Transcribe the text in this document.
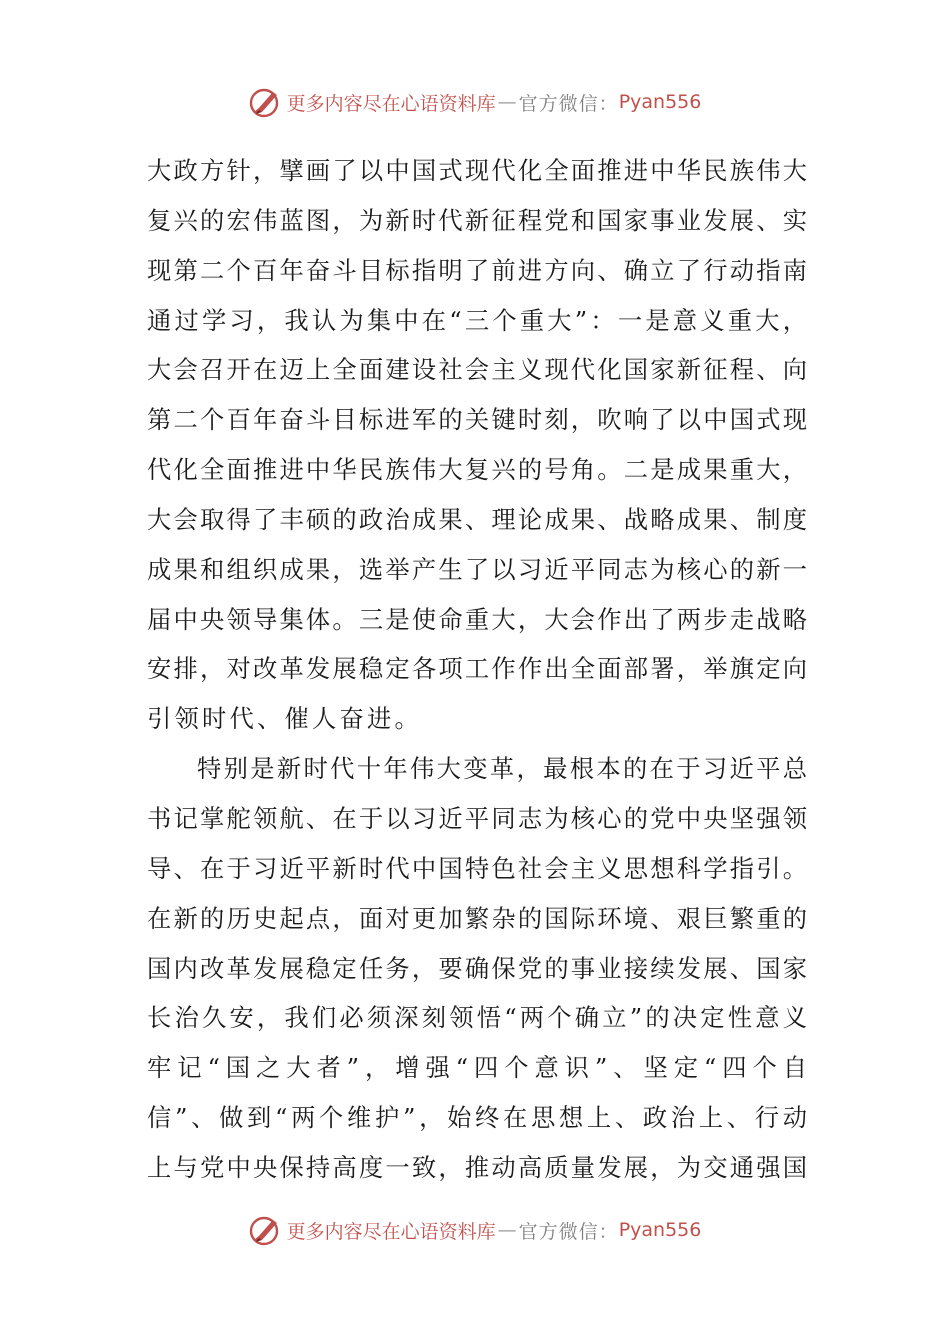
更多内容尽在心语资料库 — 官方微信： Pyan556
大政方针，擘画了以中国式现代化全面推进中华民族伟大
复兴的宏伟蓝图，为新时代新征程党和国家事业发展、实
现第二个百年奋斗目标指明了前进方向、确立了行动指南
通过学习，我认为集中在“三个重大”：一是意义重大，
大会召开在迈上全面建设社会主义现代化国家新征程、向
第二个百年奋斗目标进军的关键时刻，吹响了以中国式现
代化全面推进中华民族伟大复兴的号角。二是成果重大，
大会取得了丰硕的政治成果、理论成果、战略成果、制度
成果和组织成果，选举产生了以习近平同志为核心的新一
届中央领导集体。三是使命重大，大会作出了两步走战略
安排，对改革发展稳定各项工作作出全面部署，举旗定向
引领时代、催人奋进。
特别是新时代十年伟大变革，最根本的在于习近平总
书记掌舵领航、在于以习近平同志为核心的党中央坚强领
导、在于习近平新时代中国特色社会主义思想科学指引。
在新的历史起点，面对更加繁杂的国际环境、艰巨繁重的
国内改革发展稳定任务，要确保党的事业接续发展、国家
长治久安，我们必须深刻领悟“两个确立”的决定性意义
牢记“国之大者”，增强“四个意识”、坚定“四个自
信”、做到“两个维护”，始终在思想上、政治上、行动
上与党中央保持高度一致，推动高质量发展，为交通强国
更多内容尽在心语资料库 — 官方微信： Pyan556
